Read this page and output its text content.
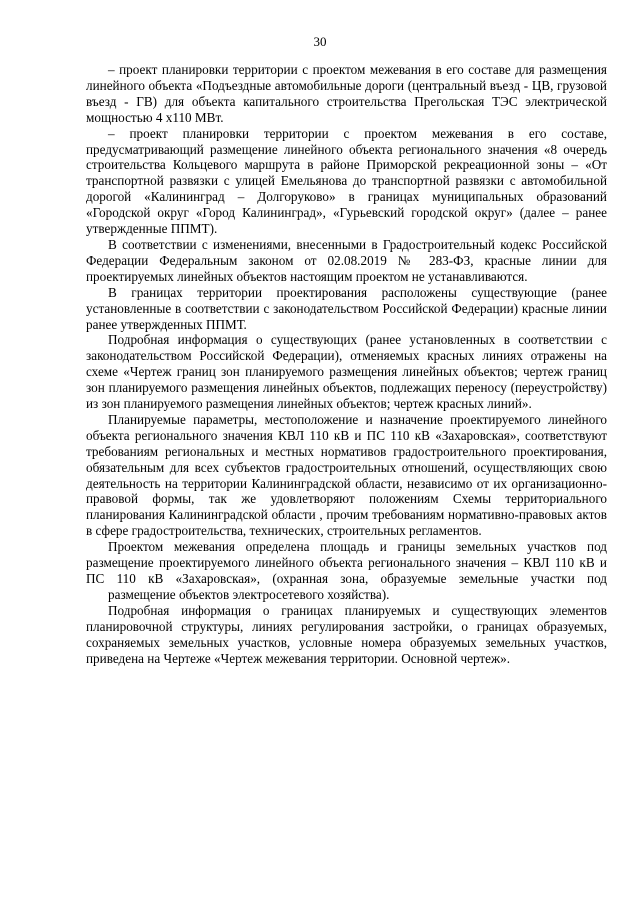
30

– проект планировки территории с проектом межевания в его составе для размещения линейного объекта «Подъездные автомобильные дороги (центральный въезд - ЦВ, грузовой въезд - ГВ) для объекта капитального строительства Прегольская ТЭС электрической мощностью 4 х110 МВт.

– проект планировки территории с проектом межевания в его составе, предусматривающий размещение линейного объекта регионального значения «8 очередь строительства Кольцевого маршрута в районе Приморской рекреационной зоны – «От транспортной развязки с улицей Емельянова до транспортной развязки с автомобильной дорогой «Калининград – Долгоруково» в границах муниципальных образований «Городской округ «Город Калининград», «Гурьевский городской округ» (далее – ранее утвержденные ППМТ).

В соответствии с изменениями, внесенными в Градостроительный кодекс Российской Федерации Федеральным законом от 02.08.2019 № 283-ФЗ, красные линии для проектируемых линейных объектов настоящим проектом не устанавливаются.

В границах территории проектирования расположены существующие (ранее установленные в соответствии с законодательством Российской Федерации) красные линии ранее утвержденных ППМТ.

Подробная информация о существующих (ранее установленных в соответствии с законодательством Российской Федерации), отменяемых красных линиях отражены на схеме «Чертеж границ зон планируемого размещения линейных объектов; чертеж границ зон планируемого размещения линейных объектов, подлежащих переносу (переустройству) из зон планируемого размещения линейных объектов; чертеж красных линий».

Планируемые параметры, местоположение и назначение проектируемого линейного объекта регионального значения КВЛ 110 кВ и ПС 110 кВ «Захаровская», соответствуют требованиям региональных и местных нормативов градостроительного проектирования, обязательным для всех субъектов градостроительных отношений, осуществляющих свою деятельность на территории Калининградской области, независимо от их организационно-правовой формы, так же удовлетворяют положениям Схемы территориального планирования Калининградской области , прочим требованиям нормативно-правовых актов в сфере градостроительства, технических, строительных регламентов.

Проектом межевания определена площадь и границы земельных участков под размещение проектируемого линейного объекта регионального значения – КВЛ 110 кВ и ПС 110 кВ «Захаровская», (охранная зона, образуемые земельные участки под

размещение объектов электросетевого хозяйства).

Подробная информация о границах планируемых и существующих элементов планировочной структуры, линиях регулирования застройки, о границах образуемых, сохраняемых земельных участков, условные номера образуемых земельных участков, приведена на Чертеже «Чертеж межевания территории. Основной чертеж».
